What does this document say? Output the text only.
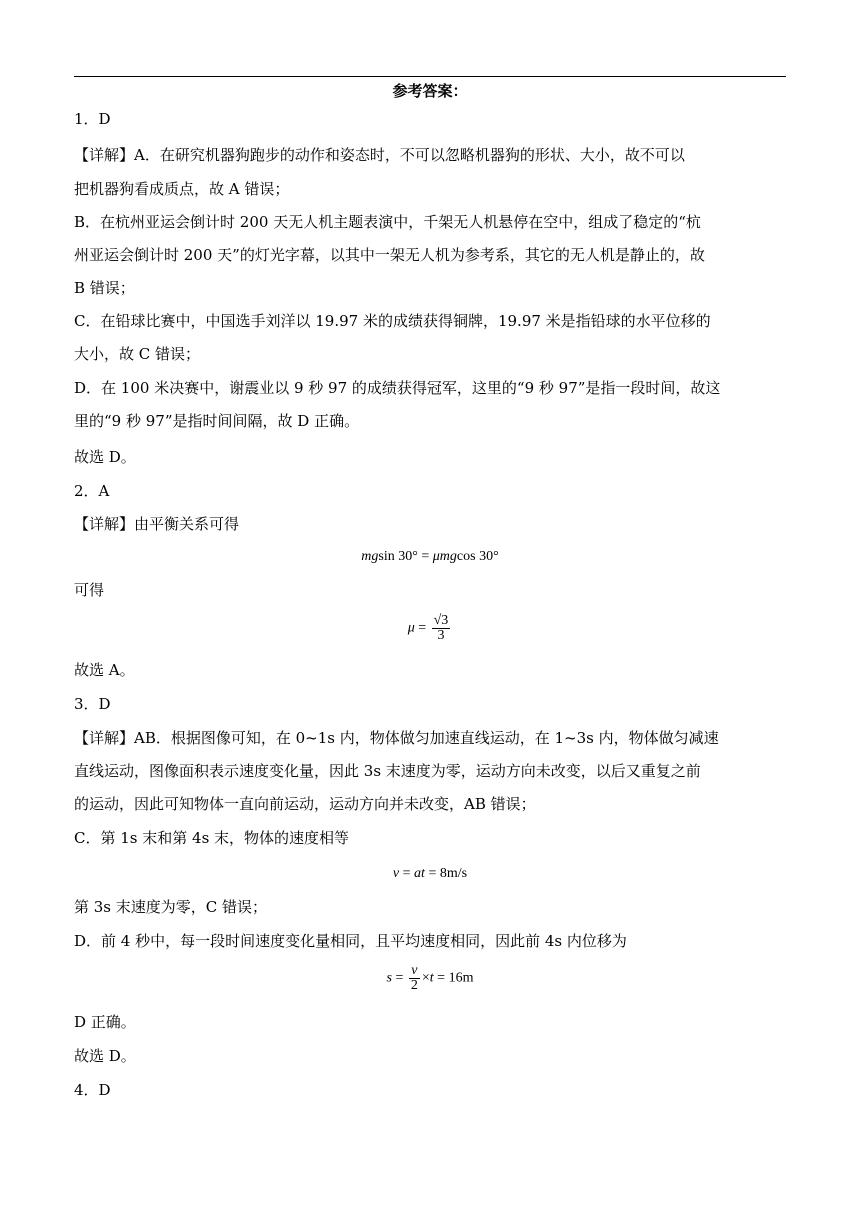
参考答案：
1．D
【详解】A．在研究机器狗跑步的动作和姿态时，不可以忽略机器狗的形状、大小，故不可以
把机器狗看成质点，故 A 错误；
B．在杭州亚运会倒计时 200 天无人机主题表演中，千架无人机悬停在空中，组成了稳定的“杭
州亚运会倒计时 200 天”的灯光字幕，以其中一架无人机为参考系，其它的无人机是静止的，故
B 错误；
C．在铅球比赛中，中国选手刘洋以 19.97 米的成绩获得铜牌，19.97 米是指铅球的水平位移的
大小，故 C 错误；
D．在 100 米决赛中，谢震业以 9 秒 97 的成绩获得冠军，这里的“9 秒 97”是指一段时间，故这
里的“9 秒 97”是指时间间隔，故 D 正确。
故选 D。
2．A
【详解】由平衡关系可得
mgsin 30° = μmgcos 30°
可得
$\mu = \frac{√3}{3}$
故选 A。
3．D
【详解】AB．根据图像可知，在 0~1s 内，物体做匀加速直线运动，在 1~3s 内，物体做匀减速
直线运动，图像面积表示速度变化量，因此 3s 末速度为零，运动方向未改变，以后又重复之前
的运动，因此可知物体一直向前运动，运动方向并未改变，AB 错误；
C．第 1s 末和第 4s 末，物体的速度相等
v = at = 8m/s
第 3s 末速度为零，C 错误；
D．前 4 秒中，每一段时间速度变化量相同，且平均速度相同，因此前 4s 内位移为
$s = \frac{v}{2} \times t = 16m$
D 正确。
故选 D。
4．D
